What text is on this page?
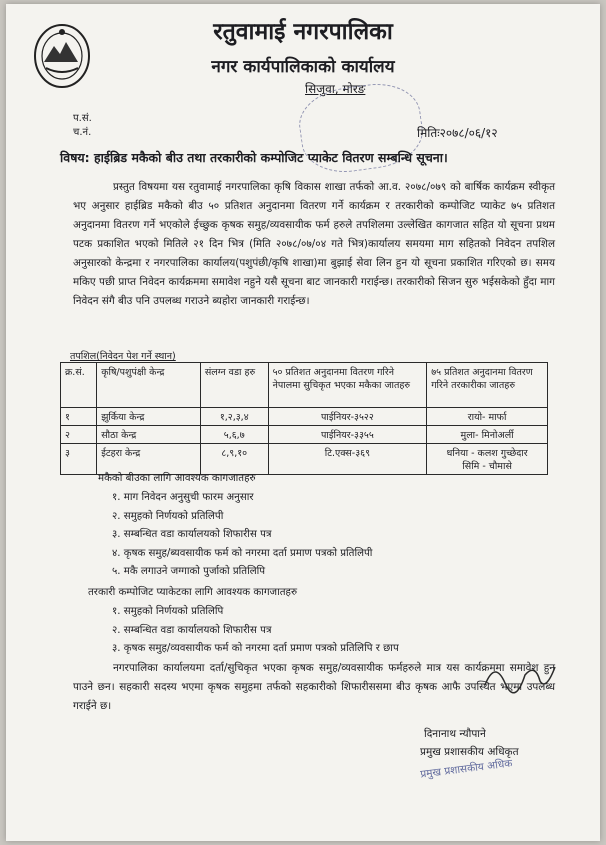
रतुवामाई नगरपालिका
नगर कार्यपालिकाको कार्यालय
सिजुवा, मोरङ
प.सं.
च.नं.	मितिः२०७८/०६/१२
विषय: हाईब्रिड मकैको बीउ तथा तरकारीको कम्पोजिट प्याकेट वितरण सम्बन्धि सूचना।
प्रस्तुत विषयमा यस रतुवामाई नगरपालिका कृषि विकास शाखा तर्फको आ.व. २०७८/०७९ को बार्षिक कार्यक्रम स्वीकृत भए अनुसार हाईब्रिड मकैको बीउ ५० प्रतिशत अनुदानमा वितरण गर्ने कार्यक्रम र तरकारीको कम्पोजिट प्याकेट ७५ प्रतिशत अनुदानमा वितरण गर्ने भएकोले ईच्छुक कृषक समुह/व्यवसायीक फर्म हरुले तपशिलमा उल्लेखित कागजात सहित यो सूचना प्रथम पटक प्रकाशित भएको मितिले २१ दिन भित्र (मिति २०७८/०७/०४ गते भित्र)कार्यालय समयमा माग सहितको निवेदन तपशिल अनुसारको केन्द्रमा र नगरपालिका कार्यालय(पशुपंछी/कृषि शाखा)मा बुझाई सेवा लिन हुन यो सूचना प्रकाशित गरिएको छ। समय मकिए पछी प्राप्त निवेदन कार्यक्रममा समावेश नहुने यसै सूचना बाट जानकारी गराईन्छ। तरकारीको सिजन सुरु भईसकेको हुँदा माग निवेदन संगै बीउ पनि उपलब्ध गराउने ब्यहोरा जानकारी गराईन्छ।
तपशिल(निवेदन पेश गर्ने स्थान)
क्र.सं.	कृषि/पशुपंक्षी केन्द्र	संलग्न वडा हरु	५० प्रतिशत अनुदानमा वितरण गरिने नेपालमा सुचिकृत भएका मकैका जातहरु	७५ प्रतिशत अनुदानमा वितरण गरिने तरकारीका जातहरु
१	झुर्किया केन्द्र	१,२,३,४	पाईनियर-३५२२	रायो- मार्फा
२	सौठा केन्द्र	५,६,७	पाईनियर-३३५५	मुला- मिनोअर्ली
३	ईटहरा केन्द्र	८,९,१०	टि.एक्स-३६९	धनिया - कलश गुच्छेदार
सिमि - चौमासे
मकैको बीउका लागि आवश्यक कागजातहरु
१. माग निवेदन अनुसुची फारम अनुसार
२. समुहको निर्णयको प्रतिलिपी
३. सम्बन्धित वडा कार्यालयको शिफारीस पत्र
४. कृषक समुह/ब्यवसायीक फर्म को नगरमा दर्ता प्रमाण पत्रको प्रतिलिपी
५. मकै लगाउने जग्गाको पुर्जाको प्रतिलिपि
तरकारी कम्पोजिट प्याकेटका लागि आवश्यक कागजातहरु
१. समुहको निर्णयको प्रतिलिपि
२. सम्बन्धित वडा कार्यालयको शिफारीस पत्र
३. कृषक समुह/व्यवसायीक फर्म को नगरमा दर्ता प्रमाण पत्रको प्रतिलिपि र छाप
नगरपालिका कार्यालयमा दर्ता/सुचिकृत भएका कृषक समुह/व्यवसायीक फर्महरुले मात्र यस कार्यक्रममा समावेश हुन पाउने छन। सहकारी सदस्य भएमा कृषक समुहमा तर्फको सहकारीको शिफारीससमा बीउ कृषक आफै उपस्थित भएमा उपलब्ध गराईने छ।
दिनानाथ न्यौपाने
प्रमुख प्रशासकीय अधिकृत
प्रमुख प्रशासकीय अधिक
